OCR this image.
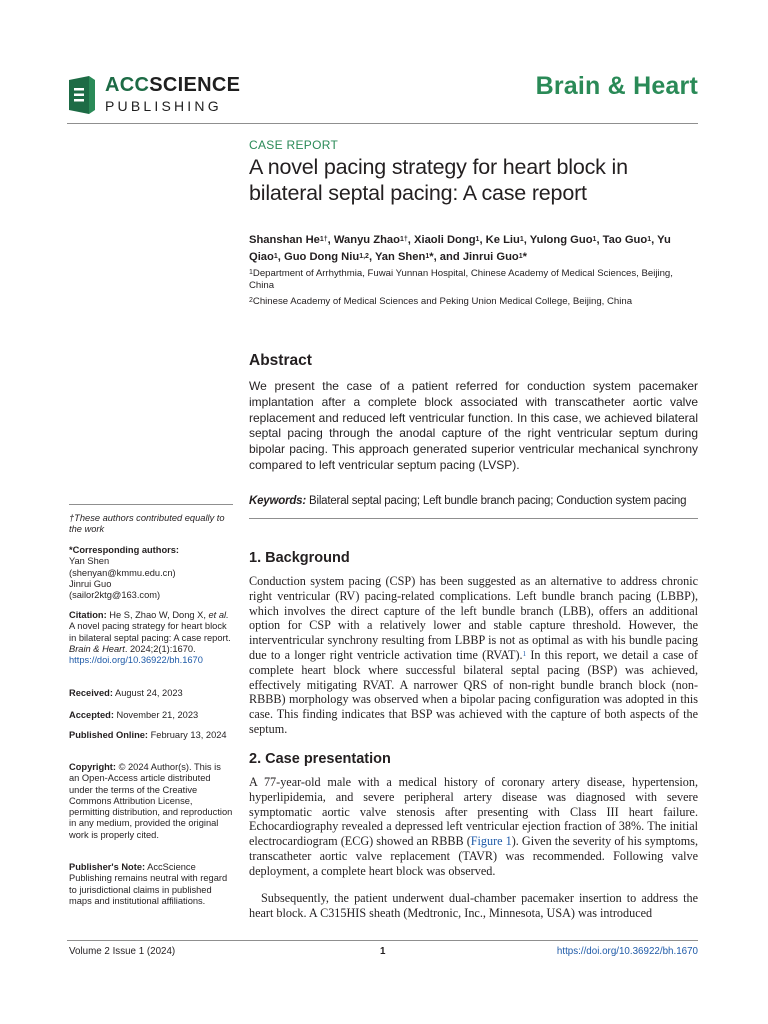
ACCSCIENCE
PUBLISHING
Brain & Heart
CASE REPORT
A novel pacing strategy for heart block in bilateral septal pacing: A case report
Shanshan $He^{1\dagger}$, Wanyu Zhao$^{1\dagger}$, Xiaoli Dong$^1$, Ke Liu$^1$, Yulong Guo$^1$, Tao Guo$^1$, Yu Qiao$^1$, Guo Dong Niu$^{1,2}$, Yan Shen$^1$*, and Jinrui Guo$^1$*
$^1$Department of Arrhythmia, Fuwai Yunnan Hospital, Chinese Academy of Medical Sciences, Beijing, China
$^2$Chinese Academy of Medical Sciences and Peking Union Medical College, Beijing, China
Abstract
We present the case of a patient referred for conduction system pacemaker implantation after a complete block associated with transcatheter aortic valve replacement and reduced left ventricular function. In this case, we achieved bilateral septal pacing through the anodal capture of the right ventricular septum during bipolar pacing. This approach generated superior ventricular mechanical synchrony compared to left ventricular septum pacing (LVSP).
Keywords: Bilateral septal pacing; Left bundle branch pacing; Conduction system pacing
1. Background
Conduction system pacing (CSP) has been suggested as an alternative to address chronic right ventricular (RV) pacing-related complications. Left bundle branch pacing (LBBP), which involves the direct capture of the left bundle branch (LBB), offers an additional option for CSP with a relatively lower and stable capture threshold. However, the interventricular synchrony resulting from LBBP is not as optimal as with his bundle pacing due to a longer right ventricle activation time (RVAT).$^1$ In this report, we detail a case of complete heart block where successful bilateral septal pacing (BSP) was achieved, effectively mitigating RVAT. A narrower QRS of non-right bundle branch block (non-RBBB) morphology was observed when a bipolar pacing configuration was adopted in this case. This finding indicates that BSP was achieved with the capture of both aspects of the septum.
2. Case presentation
A 77-year-old male with a medical history of coronary artery disease, hypertension, hyperlipidemia, and severe peripheral artery disease was diagnosed with severe symptomatic aortic valve stenosis after presenting with Class III heart failure. Echocardiography revealed a depressed left ventricular ejection fraction of 38%. The initial electrocardiogram (ECG) showed an RBBB (Figure 1). Given the severity of his symptoms, transcatheter aortic valve replacement (TAVR) was recommended. Following valve deployment, a complete heart block was observed.
Subsequently, the patient underwent dual-chamber pacemaker insertion to address the heart block. A C315HIS sheath (Medtronic, Inc., Minnesota, USA) was introduced
†These authors contributed equally to the work
*Corresponding authors:
Yan Shen
(shenyan@kmmu.edu.cn)
Jinrui Guo
(sailor2ktg@163.com)
Citation: He S, Zhao W, Dong X, et al. A novel pacing strategy for heart block in bilateral septal pacing: A case report. Brain & Heart. 2024;2(1):1670.
https://doi.org/10.36922/bh.1670
Received: August 24, 2023
Accepted: November 21, 2023
Published Online: February 13, 2024
Copyright: © 2024 Author(s). This is an Open-Access article distributed under the terms of the Creative Commons Attribution License, permitting distribution, and reproduction in any medium, provided the original work is properly cited.
Publisher's Note: AccScience Publishing remains neutral with regard to jurisdictional claims in published maps and institutional affiliations.
Volume 2 Issue 1 (2024)	1	https://doi.org/10.36922/bh.1670
